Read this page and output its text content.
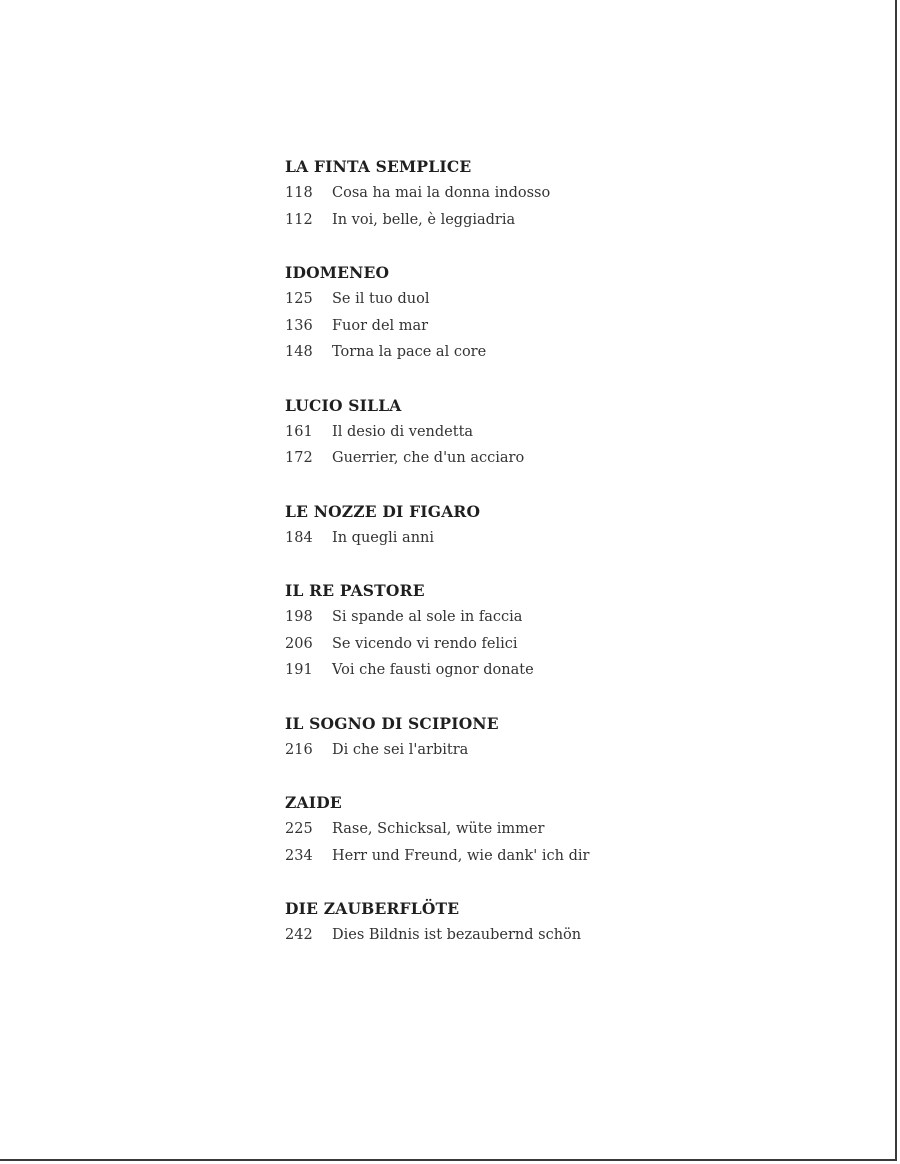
LA FINTA SEMPLICE
118	Cosa ha mai la donna indosso
112	In voi, belle, è leggiadria
IDOMENEO
125	Se il tuo duol
136	Fuor del mar
148	Torna la pace al core
LUCIO SILLA
161	Il desio di vendetta
172	Guerrier, che d'un acciaro
LE NOZZE DI FIGARO
184	In quegli anni
IL RE PASTORE
198	Si spande al sole in faccia
206	Se vicendo vi rendo felici
191	Voi che fausti ognor donate
IL SOGNO DI SCIPIONE
216	Di che sei l'arbitra
ZAIDE
225	Rase, Schicksal, wüte immer
234	Herr und Freund, wie dank' ich dir
DIE ZAUBERFLÖTE
242	Dies Bildnis ist bezaubernd schön
